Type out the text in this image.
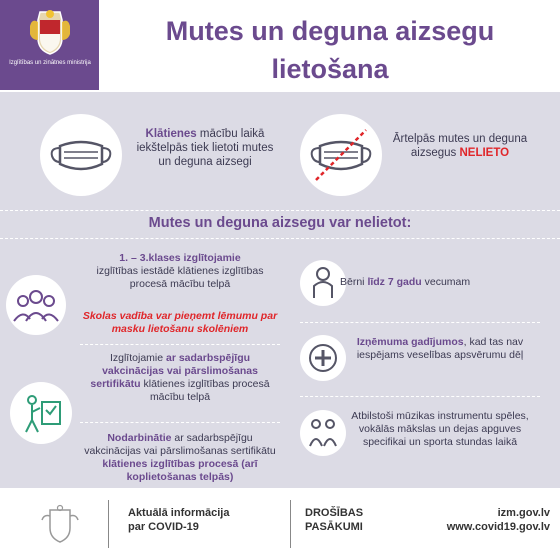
Izglītības un zinātnes ministrija
Mutes un deguna aizsegu
lietošana
Klātienes mācību laikā iekštelpās tiek lietoti mutes un deguna aizsegi
Ārtelpās mutes un deguna aizsegus NELIETO
Mutes un deguna aizsegu var nelietot:
1. – 3.klases izglītojamie
izglītības iestādē klātienes izglītības procesā mācību telpā
Skolas vadība var pieņemt lēmumu par masku lietošanu skolēniem
Izglītojamie ar sadarbspējīgu vakcinācijas vai pārslimošanas sertifikātu klātienes izglītības procesā mācību telpā
Nodarbinātie ar sadarbspējīgu vakcinācijas vai pārslimošanas sertifikātu klātienes izglītības procesā (arī koplietošanas telpās)
Bērni līdz 7 gadu vecumam
Izņēmuma gadījumos, kad tas nav iespējams veselības apsvērumu dēļ
Atbilstoši mūzikas instrumentu spēles, vokālās mākslas un dejas apguves specifikai un sporta stundas laikā
Aktuālā informācija
par COVID-19
DROŠĪBAS
PASĀKUMI
izm.gov.lv
www.covid19.gov.lv
